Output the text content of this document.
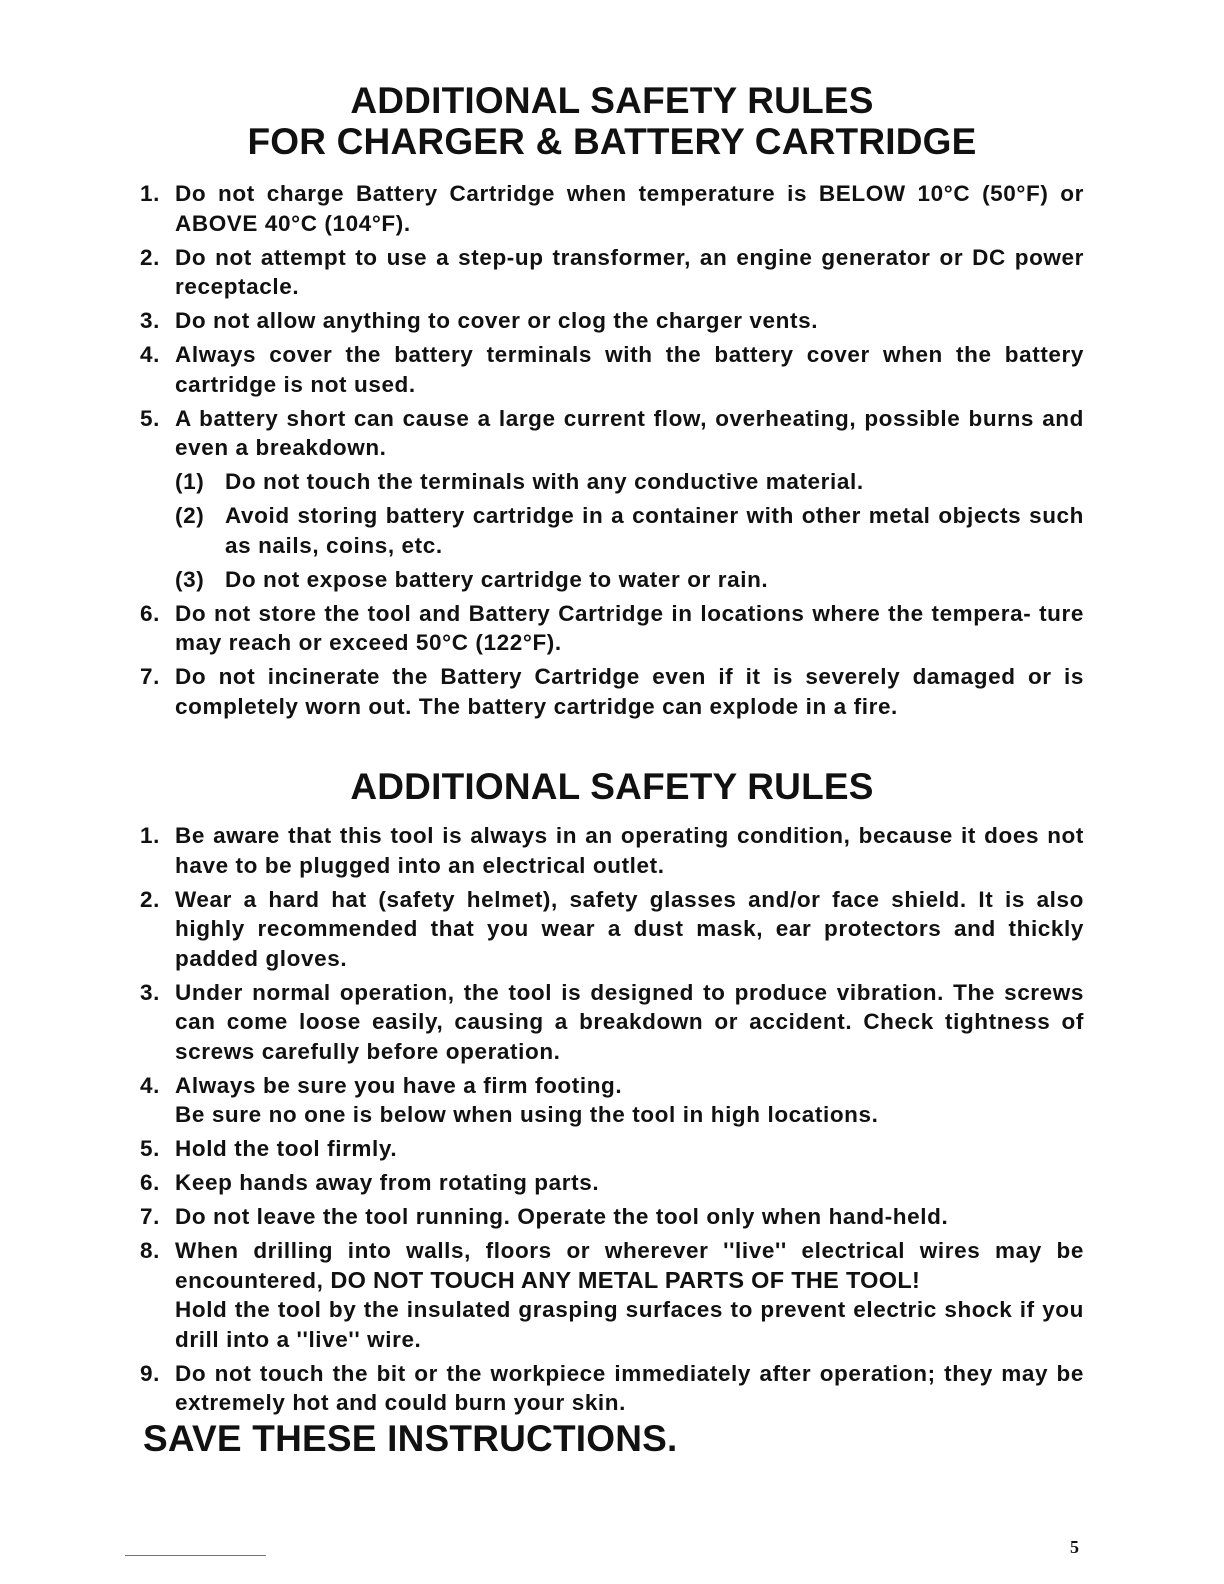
ADDITIONAL SAFETY RULES
FOR CHARGER & BATTERY CARTRIDGE
1. Do not charge Battery Cartridge when temperature is BELOW 10°C (50°F) or ABOVE 40°C (104°F).
2. Do not attempt to use a step-up transformer, an engine generator or DC power receptacle.
3. Do not allow anything to cover or clog the charger vents.
4. Always cover the battery terminals with the battery cover when the battery cartridge is not used.
5. A battery short can cause a large current flow, overheating, possible burns and even a breakdown.
(1) Do not touch the terminals with any conductive material.
(2) Avoid storing battery cartridge in a container with other metal objects such as nails, coins, etc.
(3) Do not expose battery cartridge to water or rain.
6. Do not store the tool and Battery Cartridge in locations where the tempera- ture may reach or exceed 50°C (122°F).
7. Do not incinerate the Battery Cartridge even if it is severely damaged or is completely worn out. The battery cartridge can explode in a fire.
ADDITIONAL SAFETY RULES
1. Be aware that this tool is always in an operating condition, because it does not have to be plugged into an electrical outlet.
2. Wear a hard hat (safety helmet), safety glasses and/or face shield. It is also highly recommended that you wear a dust mask, ear protectors and thickly padded gloves.
3. Under normal operation, the tool is designed to produce vibration. The screws can come loose easily, causing a breakdown or accident. Check tightness of screws carefully before operation.
4. Always be sure you have a firm footing.
Be sure no one is below when using the tool in high locations.
5. Hold the tool firmly.
6. Keep hands away from rotating parts.
7. Do not leave the tool running. Operate the tool only when hand-held.
8. When drilling into walls, floors or wherever ''live'' electrical wires may be encountered, DO NOT TOUCH ANY METAL PARTS OF THE TOOL!
Hold the tool by the insulated grasping surfaces to prevent electric shock if you drill into a ''live'' wire.
9. Do not touch the bit or the workpiece immediately after operation; they may be extremely hot and could burn your skin.
SAVE THESE INSTRUCTIONS.
5
